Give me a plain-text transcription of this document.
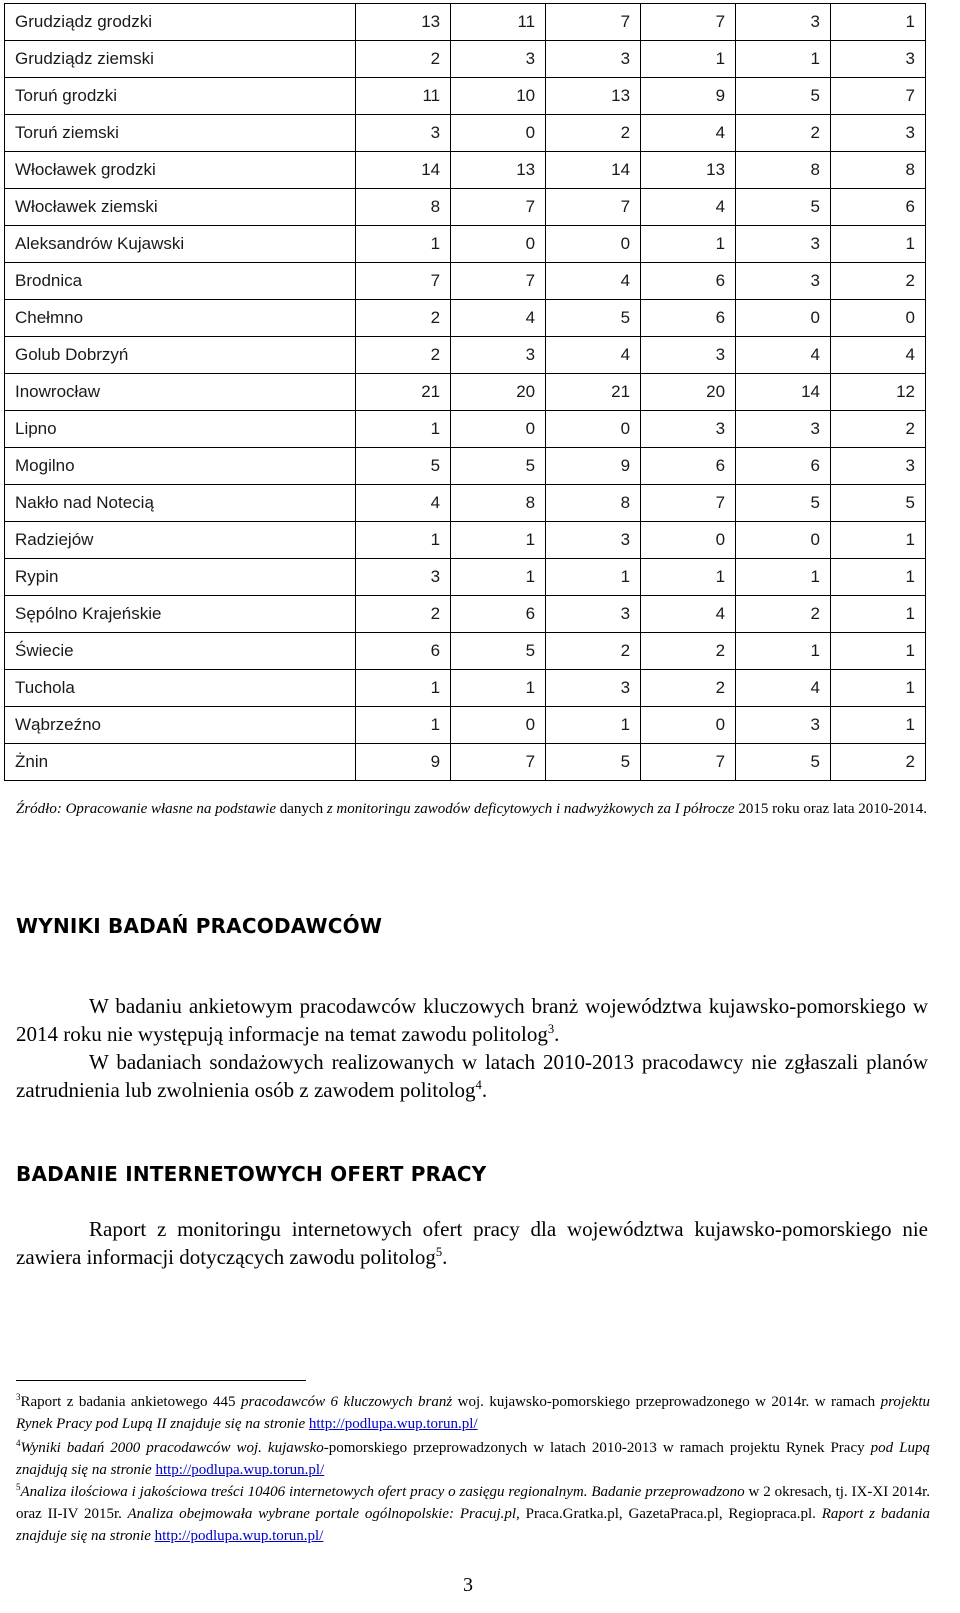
Grudziądz grodzki	13	11	7	7	3	1
Grudziądz ziemski	2	3	3	1	1	3
Toruń grodzki	11	10	13	9	5	7
Toruń ziemski	3	0	2	4	2	3
Włocławek grodzki	14	13	14	13	8	8
Włocławek ziemski	8	7	7	4	5	6
Aleksandrów Kujawski	1	0	0	1	3	1
Brodnica	7	7	4	6	3	2
Chełmno	2	4	5	6	0	0
Golub Dobrzyń	2	3	4	3	4	4
Inowrocław	21	20	21	20	14	12
Lipno	1	0	0	3	3	2
Mogilno	5	5	9	6	6	3
Nakło nad Notecią	4	8	8	7	5	5
Radziejów	1	1	3	0	0	1
Rypin	3	1	1	1	1	1
Sępólno Krajeńskie	2	6	3	4	2	1
Świecie	6	5	2	2	1	1
Tuchola	1	1	3	2	4	1
Wąbrzeźno	1	0	1	0	3	1
Żnin	9	7	5	7	5	2
Źródło: Opracowanie własne na podstawie danych z monitoringu zawodów deficytowych i nadwyżkowych za I półrocze 2015 roku oraz lata 2010-2014.
WYNIKI BADAŃ PRACODAWCÓW
W badaniu ankietowym pracodawców kluczowych branż województwa kujawsko-pomorskiego w 2014 roku nie występują informacje na temat zawodu politolog$^3$.
W badaniach sondażowych realizowanych w latach 2010-2013 pracodawcy nie zgłaszali planów zatrudnienia lub zwolnienia osób z zawodem politolog$^4$.
BADANIE INTERNETOWYCH OFERT PRACY
Raport z monitoringu internetowych ofert pracy dla województwa kujawsko-pomorskiego nie zawiera informacji dotyczących zawodu politolog$^5$.
$^3$Raport z badania ankietowego 445 pracodawców 6 kluczowych branż woj. kujawsko-pomorskiego przeprowadzonego w 2014r. w ramach projektu Rynek Pracy pod Lupą II znajduje się na stronie http://podlupa.wup.torun.pl/
$^4$Wyniki badań 2000 pracodawców woj. kujawsko-pomorskiego przeprowadzonych w latach 2010-2013 w ramach projektu Rynek Pracy pod Lupą znajdują się na stronie http://podlupa.wup.torun.pl/
$^5$Analiza ilościowa i jakościowa treści 10406 internetowych ofert pracy o zasięgu regionalnym. Badanie przeprowadzono w 2 okresach, tj. IX-XI 2014r. oraz II-IV 2015r. Analiza obejmowała wybrane portale ogólnopolskie: Pracuj.pl, Praca.Gratka.pl, GazetaPraca.pl, Regiopraca.pl. Raport z badania znajduje się na stronie http://podlupa.wup.torun.pl/
3
